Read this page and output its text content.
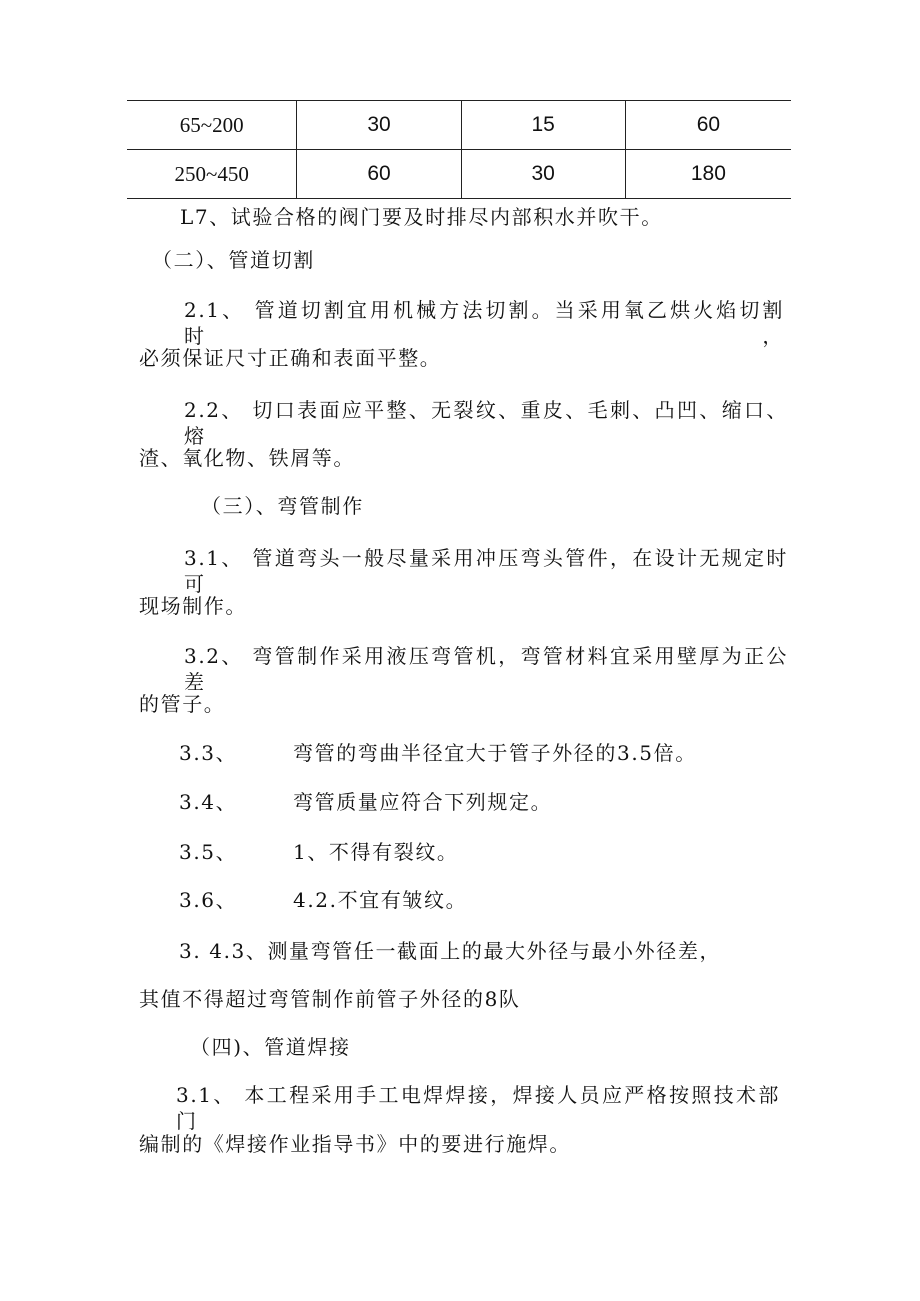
65~200	30	15	60
250~450	60	30	180
L7、试验合格的阀门要及时排尽内部积水并吹干。
（二）、管道切割
2.1、 管道切割宜用机械方法切割。当采用氧乙烘火焰切割时，
必须保证尺寸正确和表面平整。
2.2、 切口表面应平整、无裂纹、重皮、毛刺、凸凹、缩口、熔
渣、氧化物、铁屑等。
（三）、弯管制作
3.1、 管道弯头一般尽量采用冲压弯头管件，在设计无规定时可
现场制作。
3.2、 弯管制作采用液压弯管机，弯管材料宜采用壁厚为正公差
的管子。
3.3、	弯管的弯曲半径宜大于管子外径的3.5倍。
3.4、	弯管质量应符合下列规定。
3.5、	1、不得有裂纹。
3.6、	4.2.不宜有皱纹。
3. 4.3、测量弯管任一截面上的最大外径与最小外径差，
其值不得超过弯管制作前管子外径的8队
（四)、管道焊接
3.1、 本工程采用手工电焊焊接，焊接人员应严格按照技术部门
编制的《焊接作业指导书》中的要进行施焊。
